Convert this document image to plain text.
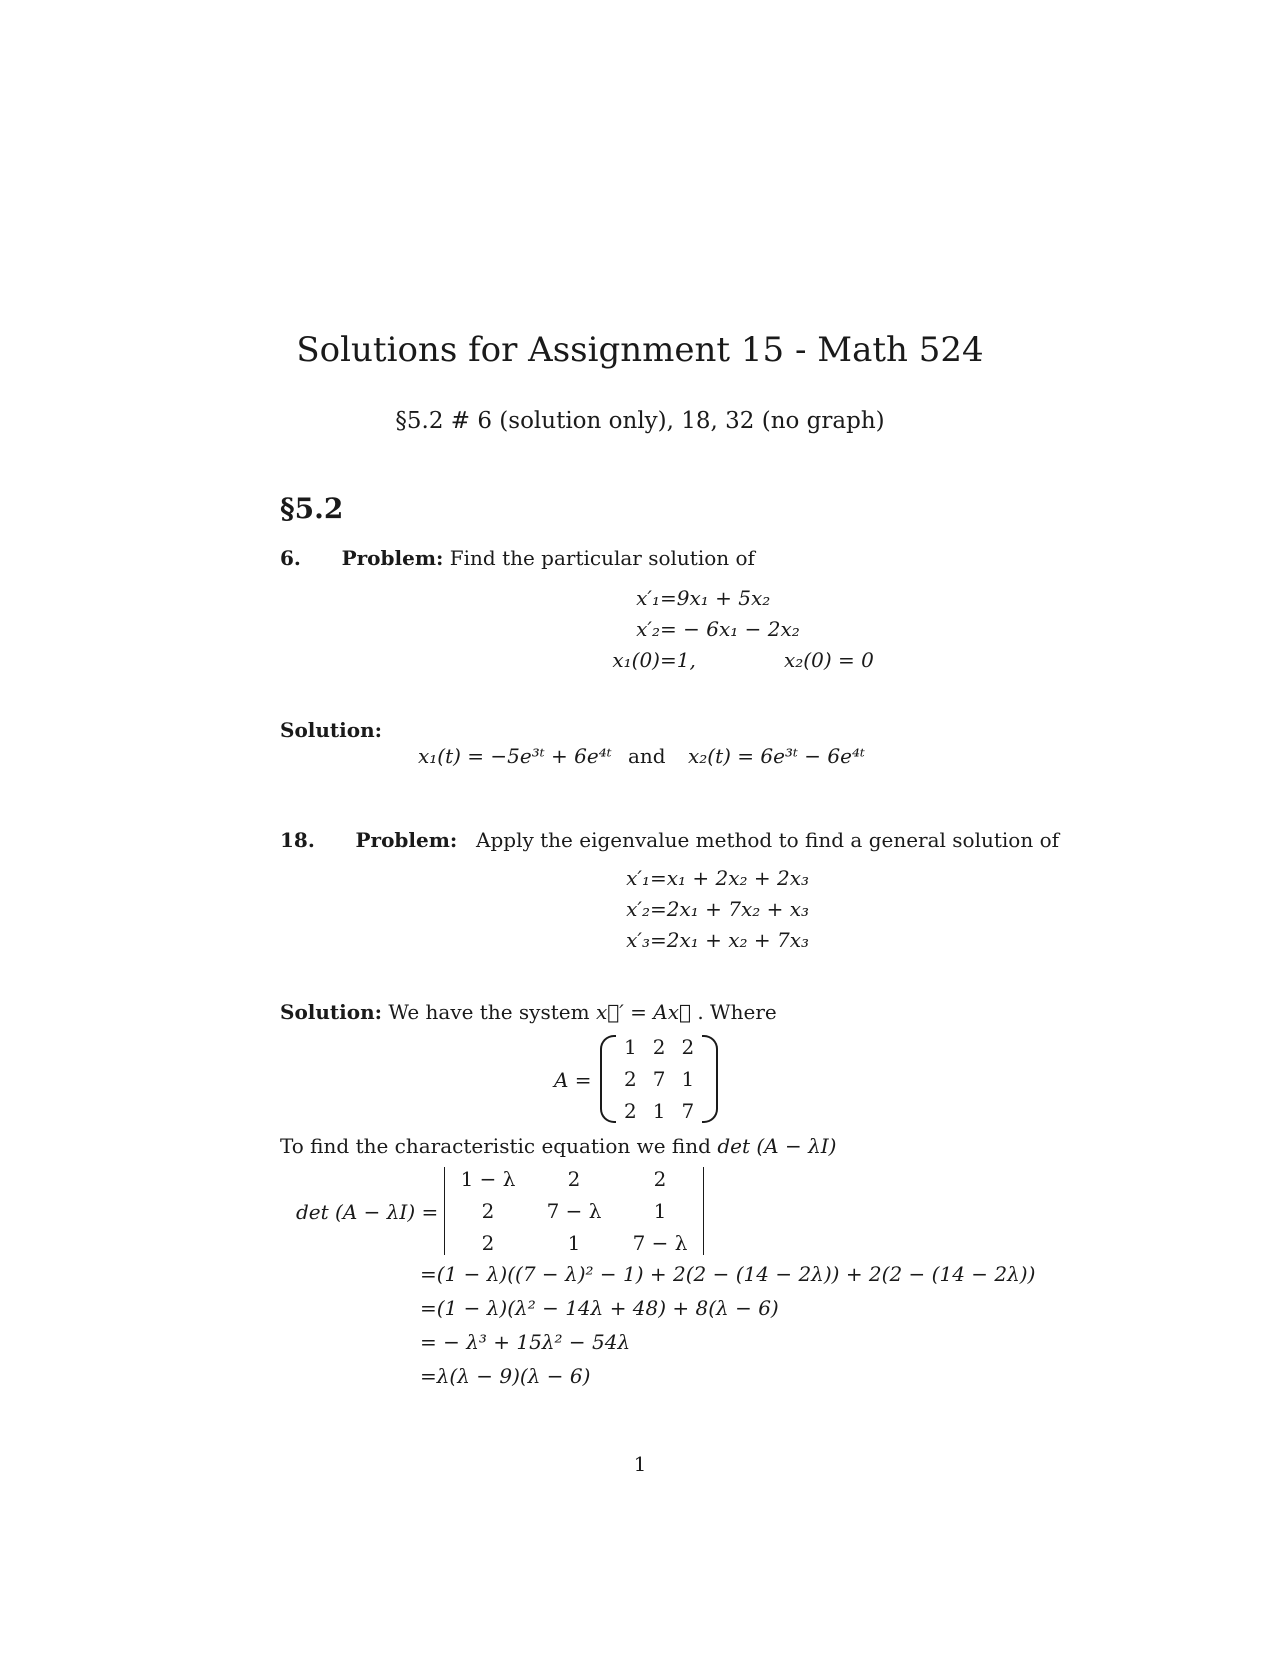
Solutions for Assignment 15 - Math 524
§5.2 # 6 (solution only), 18, 32 (no graph)
§5.2
6. Problem: Find the particular solution of
x′₁ =9x₁ + 5x₂
x′₂ = − 6x₁ − 2x₂
x₁(0) =1,	x₂(0) = 0
Solution:
x₁(t) = −5e³ᵗ + 6e⁴ᵗ and x₂(t) = 6e³ᵗ − 6e⁴ᵗ
18. Problem: Apply the eigenvalue method to find a general solution of
x′₁ =x₁ + 2x₂ + 2x₃
x′₂ =2x₁ + 7x₂ + x₃
x′₃ =2x₁ + x₂ + 7x₃
Solution: We have the system x⃗′ = Ax⃗ . Where
A =
1 2 2
2 7 1
2 1 7
To find the characteristic equation we find det (A − λI)
det (A − λI) =
1 − λ	2	2
2	7 − λ	1
2	1	7 − λ
=(1 − λ)((7 − λ)² − 1) + 2(2 − (14 − 2λ)) + 2(2 − (14 − 2λ))
=(1 − λ)(λ² − 14λ + 48) + 8(λ − 6)
= − λ³ + 15λ² − 54λ
=λ(λ − 9)(λ − 6)
1
